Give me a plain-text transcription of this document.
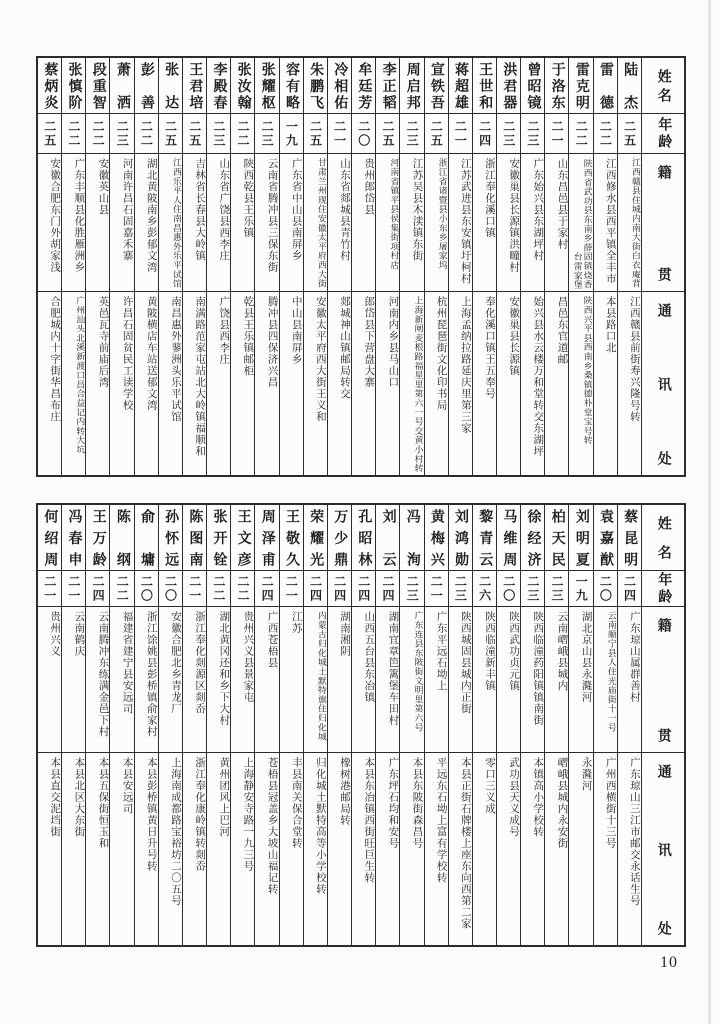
蔡炳炎
二五
安徽合肥东门外胡家浅
合肥城内十字街华昌布庄
张慎阶
二二
广东丰顺县化胜雁洲乡
广州汕头北溪新渡口昌合益记内转大坑
段重智
二二
安徽英山县
英邑瓦寺前庙后湾
萧洒
二三
河南许昌石固嘉禾寨
许昌石固贫民工读学校
彭善
二二
湖北黄陂南乡彭郁文湾
黄陂横店车站送郁文湾
张达
二五
江西乐平人住南昌惠外乐平试馆
南昌惠外蓼洲头乐平试馆
王君培
二五
吉林省长春县大岭镇
南满路范家屯站北大岭镇福顺和
李殿春
二三
山东省广饶县西李庄
广饶县西李庄
张汝翰
二二
陕西乾县王乐镇
乾县王乐镇邮柜
张耀枢
二三
云南省腾冲县三保东街
腾冲县四保济兴昌
容有略
一九
广东省中山县南屏乡
中山县南屏乡
朱鹏飞
二五
甘肃兰州现住安徽太平府西大街
安徽太平府西大街王义和
冷相佑
二一
山东省郯城县青竹村
郯城神山镇邮局转交
牟廷芳
二〇
贵州郎岱县
郎岱县下营盘大寨
李正韬
二五
河南省镇平县侯集街项村店
河南内乡县马山口
周启邦
二三
江苏吴县木渎镇东街
上海新闸麦根路福星里第六一号交黄小村转
宣铁吾
二五
浙江省诸暨县小东乡屠家坞
杭州琵琶街文化印书局
蒋超雄
二一
江苏武进县东安镇圩柯村
上海孟纳拉路延庆里第三家
王世和
二四
浙江奉化溪口镇
奉化溪口镇王五奉号
洪君器
二三
安徽巢县长源镇洪疃村
安徽巢县长源镇
曾昭镜
二三
广东始兴县东湖坪村
始兴县水云楼万和堂转交东湖坪
于洛东
二一
山东昌邑县于家村
昌邑东官道邮
雷克明
二二
陕西省武功县东南乡薛固镇烧香台雷家堡
陕西兴平县西南乡桑镇德朴堂宝号转
雷德
二二
江西修水县西平镇全丰市
本县路口北
陆杰
二五
江西赣县住城内南大街白衣庵背
江西赣县前街寿兴隆号转
姓名
年龄
籍贯
通讯处
何绍周
二一
贵州兴义
本县直交泥垱街
冯春申
二一
云南鹤庆
本县北区大东街
王万龄
二四
云南腾冲东练满金邑下村
本县五保街恒玉和
陈纲
二二
福建省建宁县安远司
本县安远司
俞墉
二〇
浙江馀姚县彭桥镇俞家村
本县彭桥镇黄日升号转
孙怀远
二〇
安徽合肥北乡青龙厂
上海南成都路宝裕坊二〇五号
陈图南
二一
浙江奉化剡源区剡岙
浙江奉化康岭镇转剡岙
张开铨
二二
湖北黄冈还和乡下大村
黄州团风上巴河
王文彦
二二
贵州兴义县景家屯
上海静安寺路一九三号
周泽甫
二四
广西苍梧县
苍梧县冠盖乡大坡山福记转
王敬久
二一
江苏
丰县南关保合堂转
荣耀光
二四
内蒙古归化城土默特旗住归化城
归化城土默特高等小学校转
万少鼎
二四
湖南湘阴
橡树港邮局转
孔昭林
二四
山西五台县东冶镇
本县东冶镇西街旺巨生转
刘云
二四
湖南宜章笆篱堡车田村
广东坪石均和安号
冯洵
二三
广东连县东陂街文明里第六号
本县东陂街森昌号
黄梅兴
二一
广东平远石坳上
平远东石坳上富有学校转
刘鸿勋
二三
陕西城固县城内正街
本县正街石牌楼上座东向西第二家
黎青云
二六
陕西临潼新丰镇
零口三义成
马维周
二〇
陕西武功贞元镇
武功县天义成号
徐经济
二三
陕西临潼药阳镇镇南街
本镇高小学校转
柏天民
二三
云南嶍峨县城内
嶍峨县城内永安街
刘明夏
一九
湖北京山县永漋河
永漋河
袁嘉猷
二〇
云南顺宁县人住光庙街十一号
广州西横街十三号
蔡昆明
二四
广东琼山属群善村
广东琼山三江市邮交永话生号
姓名
年龄
籍贯
通讯处
10
